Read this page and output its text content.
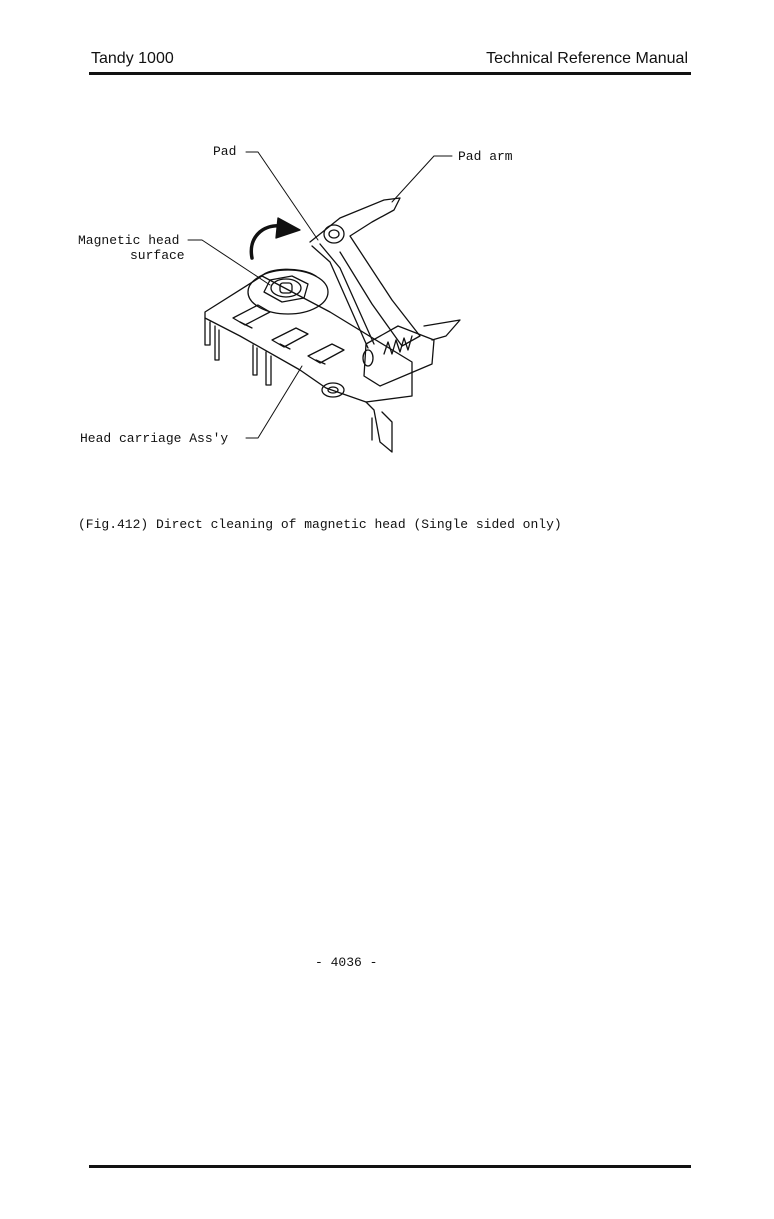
Tandy 1000	Technical Reference Manual
Pad	Pad arm
Magnetic head
surface
Head carriage Ass'y
(Fig.412) Direct cleaning of magnetic head (Single sided only)
- 4036 -
